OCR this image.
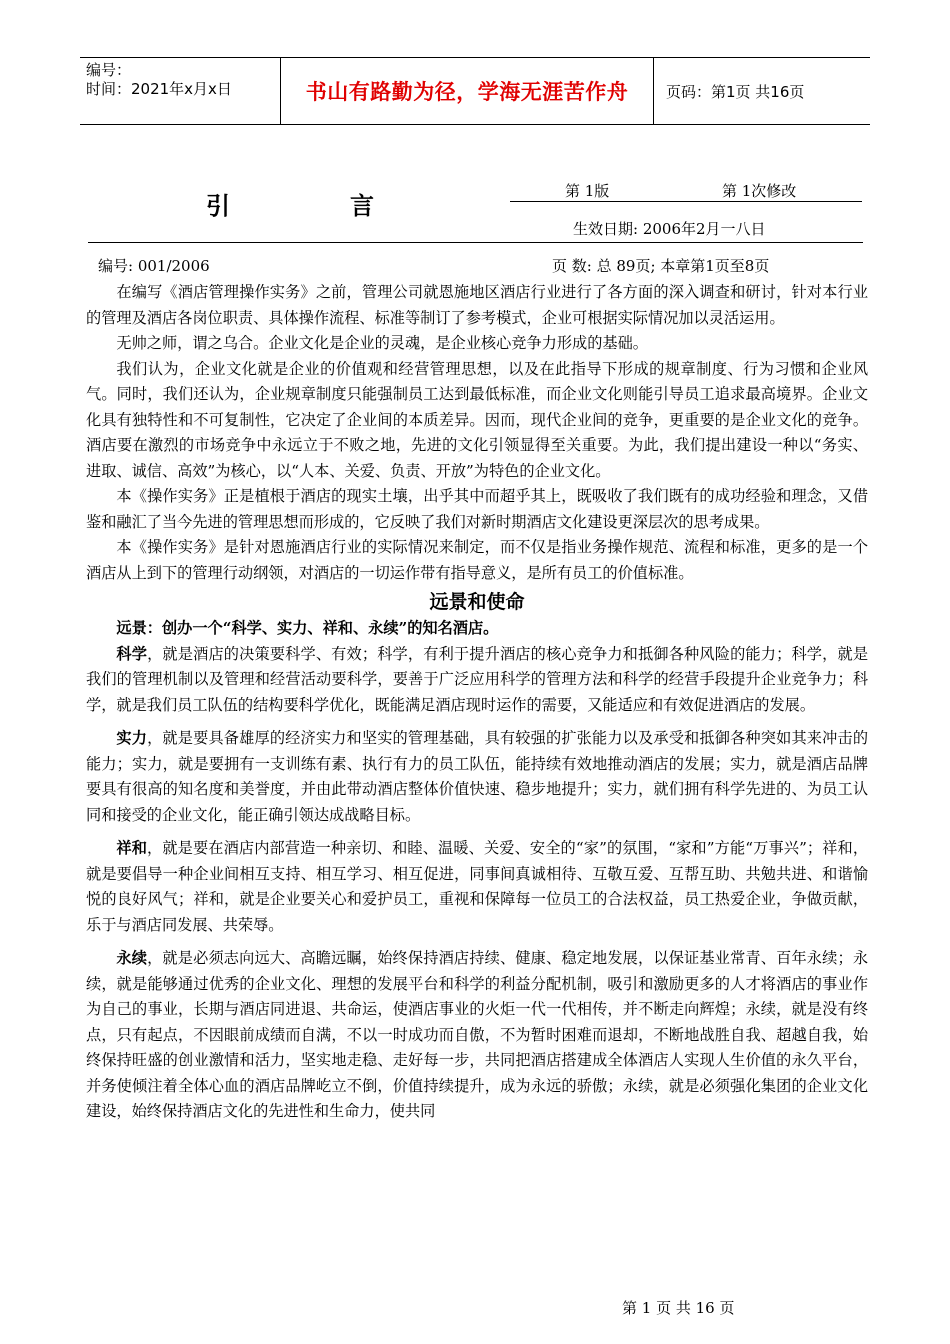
编号：
时间：2021年x月x日	书山有路勤为径，学海无涯苦作舟	页码：第1页 共16页
引	言
第 1版	第 1次修改
生效日期: 2006年2月一八日
编号: 001/2006	页 数: 总 89页; 本章第1页至8页

在编写《酒店管理操作实务》之前，管理公司就恩施地区酒店行业进行了各方面的深入调查和研讨，针对本行业的管理及酒店各岗位职责、具体操作流程、标准等制订了参考模式，企业可根据实际情况加以灵活运用。

无帅之师，谓之乌合。企业文化是企业的灵魂，是企业核心竞争力形成的基础。

我们认为，企业文化就是企业的价值观和经营管理思想，以及在此指导下形成的规章制度、行为习惯和企业风气。同时，我们还认为，企业规章制度只能强制员工达到最低标准，而企业文化则能引导员工追求最高境界。企业文化具有独特性和不可复制性，它决定了企业间的本质差异。因而，现代企业间的竞争，更重要的是企业文化的竞争。酒店要在激烈的市场竞争中永远立于不败之地，先进的文化引领显得至关重要。为此，我们提出建设一种以“务实、进取、诚信、高效”为核心，以“人本、关爱、负责、开放”为特色的企业文化。

本《操作实务》正是植根于酒店的现实土壤，出乎其中而超乎其上，既吸收了我们既有的成功经验和理念，又借鉴和融汇了当今先进的管理思想而形成的，它反映了我们对新时期酒店文化建设更深层次的思考成果。

本《操作实务》是针对恩施酒店行业的实际情况来制定，而不仅是指业务操作规范、流程和标准，更多的是一个酒店从上到下的管理行动纲领，对酒店的一切运作带有指导意义，是所有员工的价值标准。

远景和使命

远景：创办一个“科学、实力、祥和、永续”的知名酒店。

科学，就是酒店的决策要科学、有效；科学，有利于提升酒店的核心竞争力和抵御各种风险的能力；科学，就是我们的管理机制以及管理和经营活动要科学，要善于广泛应用科学的管理方法和科学的经营手段提升企业竞争力；科学，就是我们员工队伍的结构要科学优化，既能满足酒店现时运作的需要，又能适应和有效促进酒店的发展。

实力，就是要具备雄厚的经济实力和坚实的管理基础，具有较强的扩张能力以及承受和抵御各种突如其来冲击的能力；实力，就是要拥有一支训练有素、执行有力的员工队伍，能持续有效地推动酒店的发展；实力，就是酒店品牌要具有很高的知名度和美誉度，并由此带动酒店整体价值快速、稳步地提升；实力，就们拥有科学先进的、为员工认同和接受的企业文化，能正确引领达成战略目标。

祥和，就是要在酒店内部营造一种亲切、和睦、温暖、关爱、安全的“家”的氛围，“家和”方能“万事兴”；祥和，就是要倡导一种企业间相互支持、相互学习、相互促进，同事间真诚相待、互敬互爱、互帮互助、共勉共进、和谐愉悦的良好风气；祥和，就是企业要关心和爱护员工，重视和保障每一位员工的合法权益，员工热爱企业，争做贡献，乐于与酒店同发展、共荣辱。

永续，就是必须志向远大、高瞻远瞩，始终保持酒店持续、健康、稳定地发展，以保证基业常青、百年永续；永续，就是能够通过优秀的企业文化、理想的发展平台和科学的利益分配机制，吸引和激励更多的人才将酒店的事业作为自己的事业，长期与酒店同进退、共命运，使酒店事业的火炬一代一代相传，并不断走向辉煌；永续，就是没有终点，只有起点，不因眼前成绩而自满，不以一时成功而自傲，不为暂时困难而退却，不断地战胜自我、超越自我，始终保持旺盛的创业激情和活力，坚实地走稳、走好每一步，共同把酒店搭建成全体酒店人实现人生价值的永久平台，并务使倾注着全体心血的酒店品牌屹立不倒，价值持续提升，成为永远的骄傲；永续，就是必须强化集团的企业文化建设，始终保持酒店文化的先进性和生命力，使共同

第 1 页 共 16 页
